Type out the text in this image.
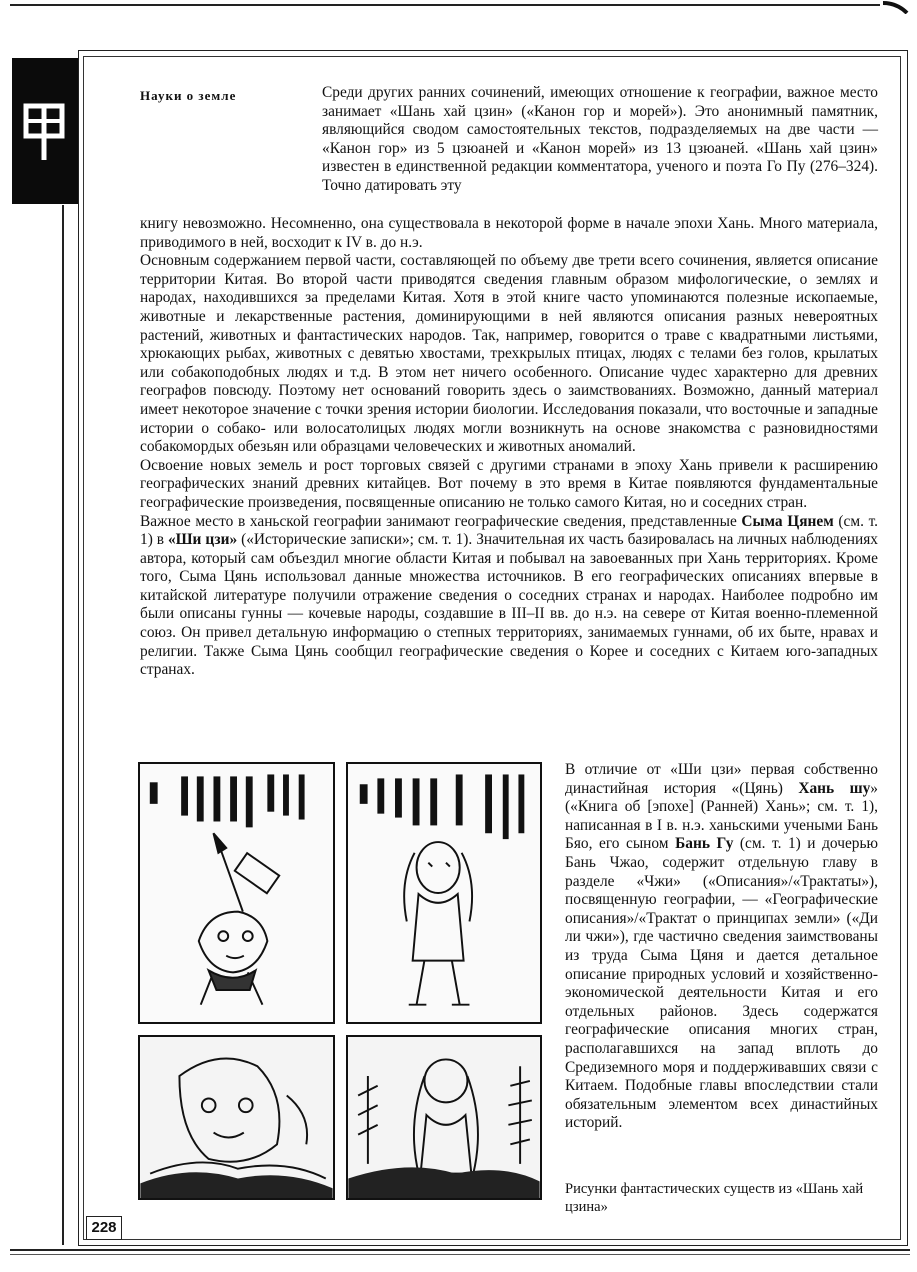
Науки о земле	Среди других ранних сочинений, имеющих отношение к географии, важное место занимает «Шань хай цзин» («Канон гор и морей»). Это анонимный памятник, являющийся сводом самостоятельных текстов, подразделяемых на две части — «Канон гор» из 5 цзюаней и «Канон морей» из 13 цзюаней. «Шань хай цзин» известен в единственной редакции комментатора, ученого и поэта Го Пу (276–324). Точно датировать эту

книгу невозможно. Несомненно, она существовала в некоторой форме в начале эпохи Хань. Много материала, приводимого в ней, восходит к IV в. до н.э.

Основным содержанием первой части, составляющей по объему две трети всего сочинения, является описание территории Китая. Во второй части приводятся сведения главным образом мифологические, о землях и народах, находившихся за пределами Китая. Хотя в этой книге часто упоминаются полезные ископаемые, животные и лекарственные растения, доминирующими в ней являются описания разных невероятных растений, животных и фантастических народов. Так, например, говорится о траве с квадратными листьями, хрюкающих рыбах, животных с девятью хвостами, трехкрылых птицах, людях с телами без голов, крылатых или собакоподобных людях и т.д. В этом нет ничего особенного. Описание чудес характерно для древних географов повсюду. Поэтому нет оснований говорить здесь о заимствованиях. Возможно, данный материал имеет некоторое значение с точки зрения истории биологии. Исследования показали, что восточные и западные истории о собако- или волосатолицых людях могли возникнуть на основе знакомства с разновидностями собакомордых обезьян или образцами человеческих и животных аномалий.

Освоение новых земель и рост торговых связей с другими странами в эпоху Хань привели к расширению географических знаний древних китайцев. Вот почему в это время в Китае появляются фундаментальные географические произведения, посвященные описанию не только самого Китая, но и соседних стран.

Важное место в ханьской географии занимают географические сведения, представленные Сыма Цянем (см. т. 1) в «Ши цзи» («Исторические записки»; см. т. 1). Значительная их часть базировалась на личных наблюдениях автора, который сам объездил многие области Китая и побывал на завоеванных при Хань территориях. Кроме того, Сыма Цянь использовал данные множества источников. В его географических описаниях впервые в китайской литературе получили отражение сведения о соседних странах и народах. Наиболее подробно им были описаны гунны — кочевые народы, создавшие в III–II вв. до н.э. на севере от Китая военно-племенной союз. Он привел детальную информацию о степных территориях, занимаемых гуннами, об их быте, нравах и религии. Также Сыма Цянь сообщил географические сведения о Корее и соседних с Китаем юго-западных странах.

В отличие от «Ши цзи» первая собственно династийная история «(Цянь) Хань шу» («Книга об [эпохе] (Ранней) Хань»; см. т. 1), написанная в I в. н.э. ханьскими учеными Бань Бяо, его сыном Бань Гу (см. т. 1) и дочерью Бань Чжао, содержит отдельную главу в разделе «Чжи» («Описания»/«Трактаты»), посвященную географии, — «Географические описания»/«Трактат о принципах земли» («Ди ли чжи»), где частично сведения заимствованы из труда Сыма Цяня и дается детальное описание природных условий и хозяйственно-экономической деятельности Китая и его отдельных районов. Здесь содержатся географические описания многих стран, располагавшихся на запад вплоть до Средиземного моря и поддерживавших связи с Китаем. Подобные главы впоследствии стали обязательным элементом всех династийных историй.

Рисунки фантастических существ из «Шань хай цзина»
228
